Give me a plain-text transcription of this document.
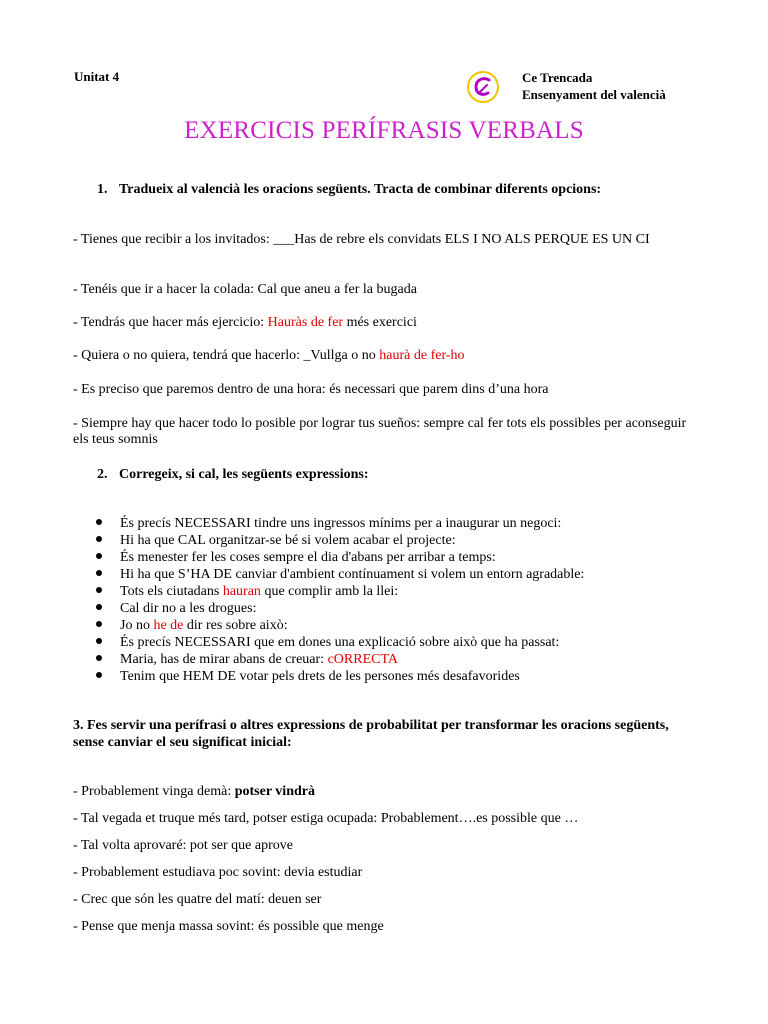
Unitat 4	Ce Trencada
Ensenyament del valencià
EXERCICIS PERÍFRASIS VERBALS
1. Tradueix al valencià les oracions següents. Tracta de combinar diferents opcions:
- Tienes que recibir a los invitados: ___Has de rebre els convidats ELS I NO ALS PERQUE ES UN CI
- Tenéis que ir a hacer la colada: Cal que aneu a fer la bugada
- Tendrás que hacer más ejercicio: Hauràs de fer més exercici
- Quiera o no quiera, tendrá que hacerlo: _Vullga o no haurà de fer-ho
- Es preciso que paremos dentro de una hora: és necessari que parem dins d’una hora
- Siempre hay que hacer todo lo posible por lograr tus sueños: sempre cal fer tots els possibles per aconseguir els teus somnis
2. Corregeix, si cal, les següents expressions:
És precís NECESSARI tindre uns ingressos mínims per a inaugurar un negoci:
Hi ha que CAL organitzar-se bé si volem acabar el projecte:
És menester fer les coses sempre el dia d'abans per arribar a temps:
Hi ha que S’HA DE canviar d'ambient contínuament si volem un entorn agradable:
Tots els ciutadans hauran que complir amb la llei:
Cal dir no a les drogues:
Jo no he de dir res sobre això:
És precís NECESSARI que em dones una explicació sobre això que ha passat:
Maria, has de mirar abans de creuar: cORRECTA
Tenim que HEM DE votar pels drets de les persones més desafavorides
3. Fes servir una perífrasi o altres expressions de probabilitat per transformar les oracions següents, sense canviar el seu significat inicial:
- Probablement vinga demà: potser vindrà
- Tal vegada et truque més tard, potser estiga ocupada: Probablement….es possible que …
- Tal volta aprovaré: pot ser que aprove
- Probablement estudiava poc sovint: devia estudiar
- Crec que són les quatre del matí: deuen ser
- Pense que menja massa sovint: és possible que menge
